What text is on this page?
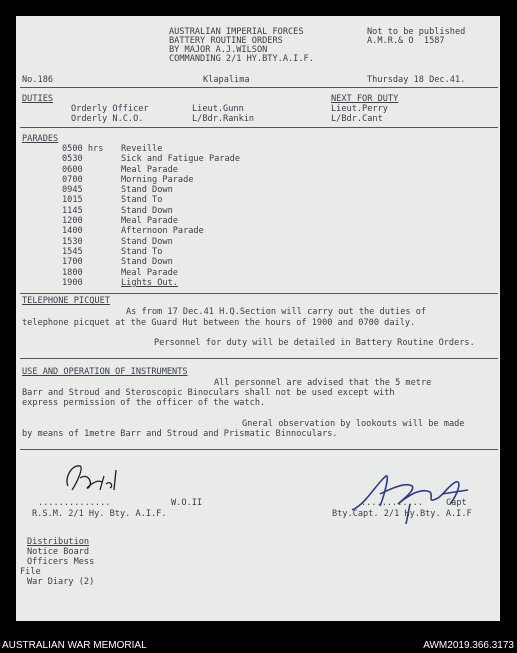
AUSTRALIAN IMPERIAL FORCES
BATTERY ROUTINE ORDERS
BY MAJOR A.J.WILSON
COMMANDING 2/1 HY.BTY.A.I.F.
Not to be published
A.M.R.& O  1587
No.186	Klapalima	Thursday 18 Dec.41.
DUTIES	NEXT FOR DUTY
Orderly Officer	Lieut.Gunn	Lieut.Perry
Orderly N.C.O.	L/Bdr.Rankin	L/Bdr.Cant
PARADES
0500 hrs Reveille
0530	Sick and Fatigue Parade
0600	Meal Parade
0700	Morning Parade
0945	Stand Down
1015	Stand To
1145	Stand Down
1200	Meal Parade
1400	Afternoon Parade
1530	Stand Down
1545	Stand To
1700	Stand Down
1800	Meal Parade
1900	Lights Out.
TELEPHONE PICQUET
As from 17 Dec.41 H.Q.Section will carry out the duties of
telephone picquet at the Guard Hut between the hours of 1900 and 0700 daily.
Personnel for duty will be detailed in Battery Routine Orders.
USE AND OPERATION OF INSTRUMENTS
All personnel are advised that the 5 metre
Barr and Stroud and Steroscopic Binoculars shall not be used except with
express permission of the officer of the watch.
Gneral observation by lookouts will be made
by means of 1metre Barr and Stroud and Prismatic Binnoculars.
..............	W.O.II
R.S.M. 2/1 Hy. Bty. A.I.F.
............	Capt
Bty.Capt. 2/1 Hy.Bty. A.I.F
Distribution
Notice Board
Officers Mess
File
War Diary (2)
AUSTRALIAN WAR MEMORIAL	AWM2019.366.3173
